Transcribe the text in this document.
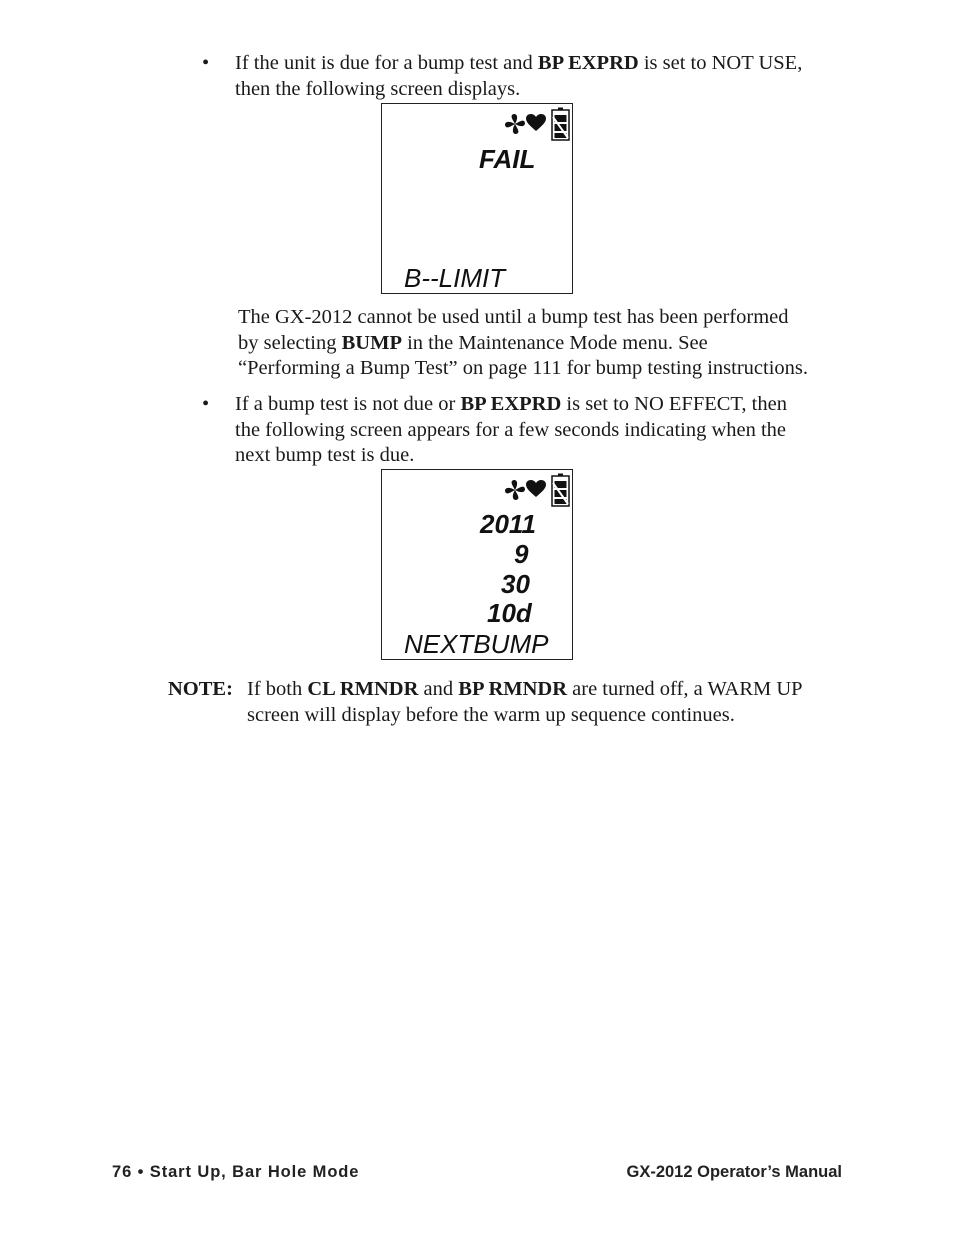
• If the unit is due for a bump test and BP EXPRD is set to NOT USE,
then the following screen displays.

FAIL
B--LIMIT

The GX-2012 cannot be used until a bump test has been performed
by selecting BUMP in the Maintenance Mode menu. See
“Performing a Bump Test” on page 111 for bump testing instructions.

• If a bump test is not due or BP EXPRD is set to NO EFFECT, then
the following screen appears for a few seconds indicating when the
next bump test is due.

2011
9
30
10d
NEXTBUMP
NOTE: If both CL RMNDR and BP RMNDR are turned off, a WARM UP
screen will display before the warm up sequence continues.

76 • Start Up, Bar Hole Mode	GX-2012 Operator’s Manual
